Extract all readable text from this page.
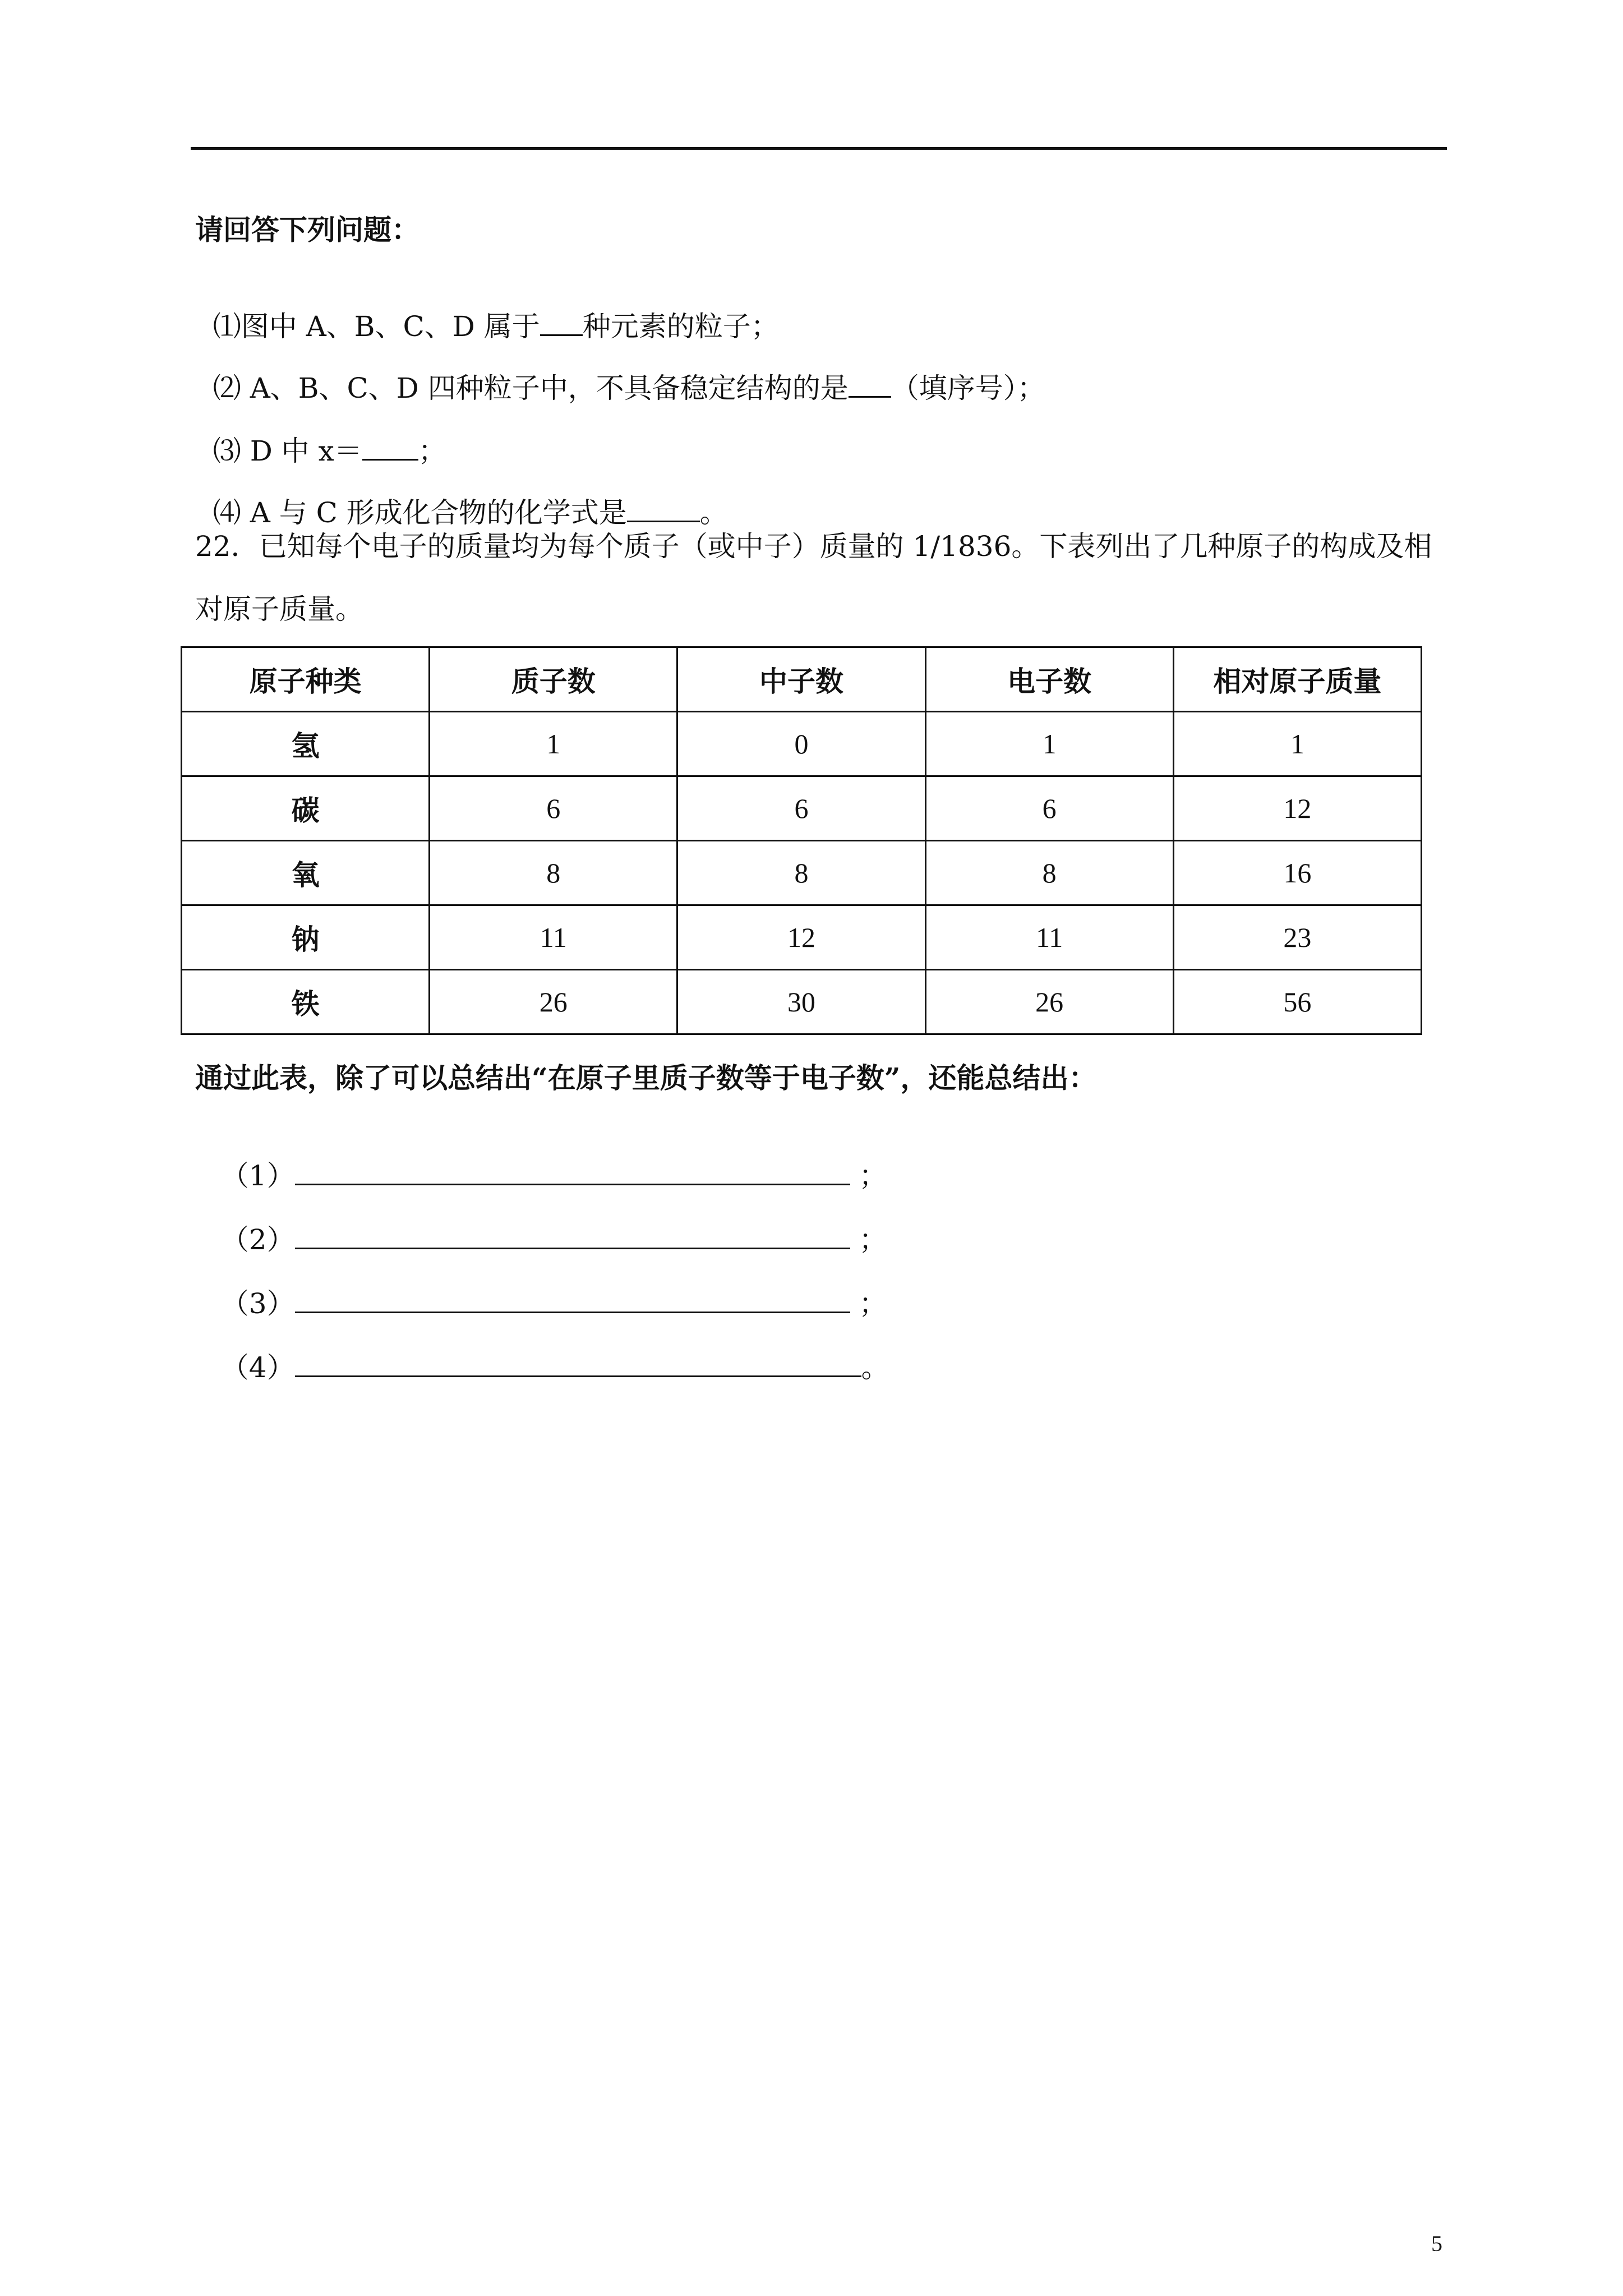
请回答下列问题：

⑴图中 A、B、C、D 属于 种元素的粒子；

⑵ A、B、C、D 四种粒子中，不具备稳定结构的是 （填序号）；

⑶ D 中 x＝ ；

⑷ A 与 C 形成化合物的化学式是	。

22．已知每个电子的质量均为每个质子（或中子）质量的 1/1836。下表列出了几种原子的构成及相
对原子质量。
原子种类	质子数	中子数	电子数	相对原子质量
氢	1	0	1	1
碳	6	6	6	12
氧	8	8	8	16
钠	11	12	11	23
铁	26	30	26	56
通过此表，除了可以总结出“在原子里质子数等于电子数”，还能总结出：

（1）	；

（2）	；

（3）	；

（4）	。

5
